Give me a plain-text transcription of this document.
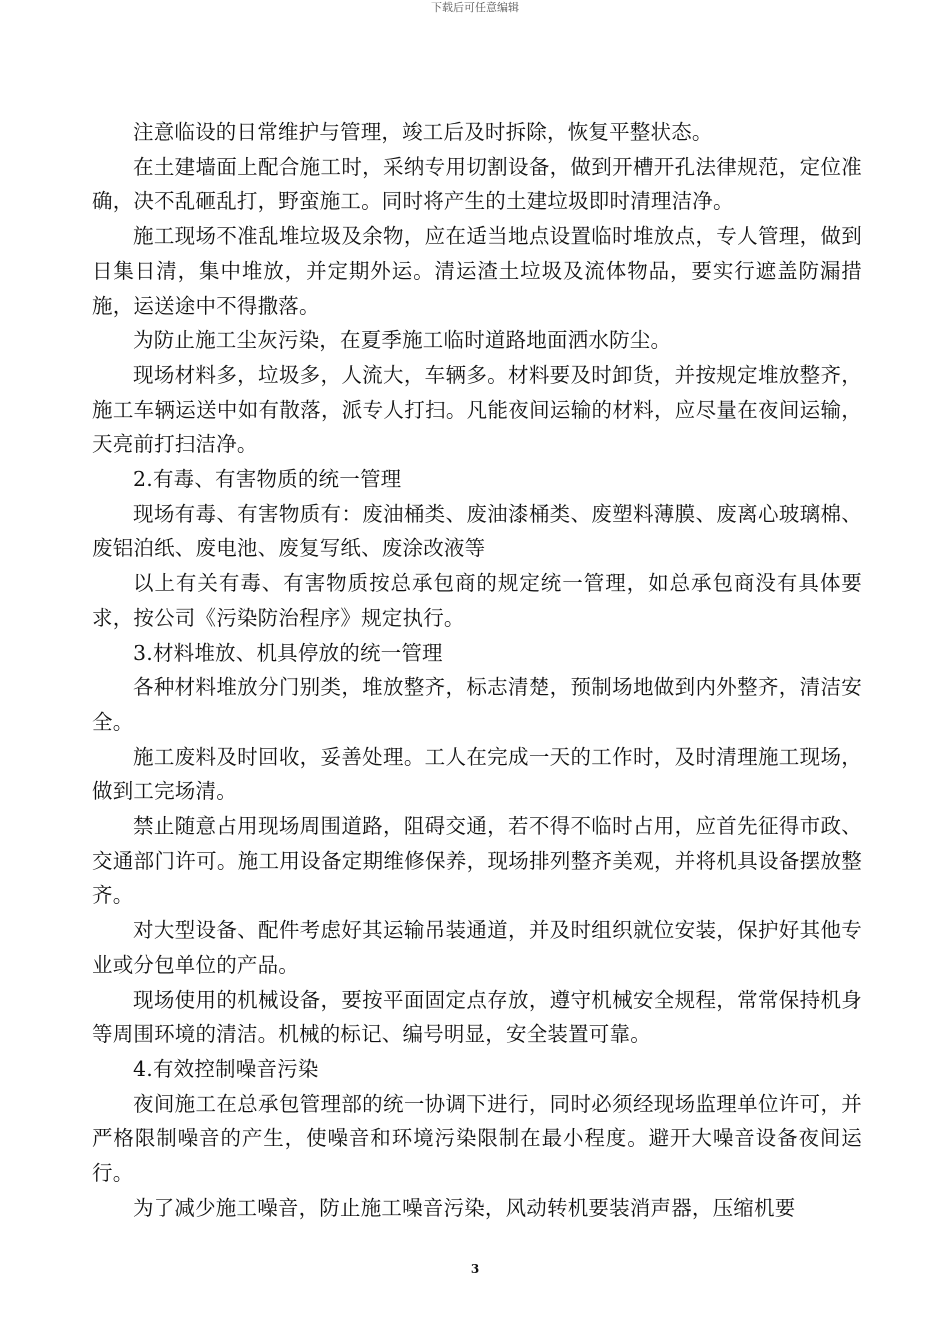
下载后可任意编辑

注意临设的日常维护与管理，竣工后及时拆除，恢复平整状态。

在土建墙面上配合施工时，采纳专用切割设备，做到开槽开孔法律规范，定位准确，决不乱砸乱打，野蛮施工。同时将产生的土建垃圾即时清理洁净。

施工现场不准乱堆垃圾及余物，应在适当地点设置临时堆放点，专人管理，做到日集日清，集中堆放，并定期外运。清运渣土垃圾及流体物品，要实行遮盖防漏措施，运送途中不得撒落。

为防止施工尘灰污染，在夏季施工临时道路地面洒水防尘。

现场材料多，垃圾多，人流大，车辆多。材料要及时卸货，并按规定堆放整齐，施工车辆运送中如有散落，派专人打扫。凡能夜间运输的材料，应尽量在夜间运输，天亮前打扫洁净。

2.有毒、有害物质的统一管理

现场有毒、有害物质有：废油桶类、废油漆桶类、废塑料薄膜、废离心玻璃棉、废铝泊纸、废电池、废复写纸、废涂改液等

以上有关有毒、有害物质按总承包商的规定统一管理，如总承包商没有具体要求，按公司《污染防治程序》规定执行。

3.材料堆放、机具停放的统一管理

各种材料堆放分门别类，堆放整齐，标志清楚，预制场地做到内外整齐，清洁安全。

施工废料及时回收，妥善处理。工人在完成一天的工作时，及时清理施工现场，做到工完场清。

禁止随意占用现场周围道路，阻碍交通，若不得不临时占用，应首先征得市政、交通部门许可。施工用设备定期维修保养，现场排列整齐美观，并将机具设备摆放整齐。

对大型设备、配件考虑好其运输吊装通道，并及时组织就位安装，保护好其他专业或分包单位的产品。

现场使用的机械设备，要按平面固定点存放，遵守机械安全规程，常常保持机身等周围环境的清洁。机械的标记、编号明显，安全装置可靠。

4.有效控制噪音污染

夜间施工在总承包管理部的统一协调下进行，同时必须经现场监理单位许可，并严格限制噪音的产生，使噪音和环境污染限制在最小程度。避开大噪音设备夜间运行。

为了减少施工噪音，防止施工噪音污染，风动转机要装消声器，压缩机要

3
